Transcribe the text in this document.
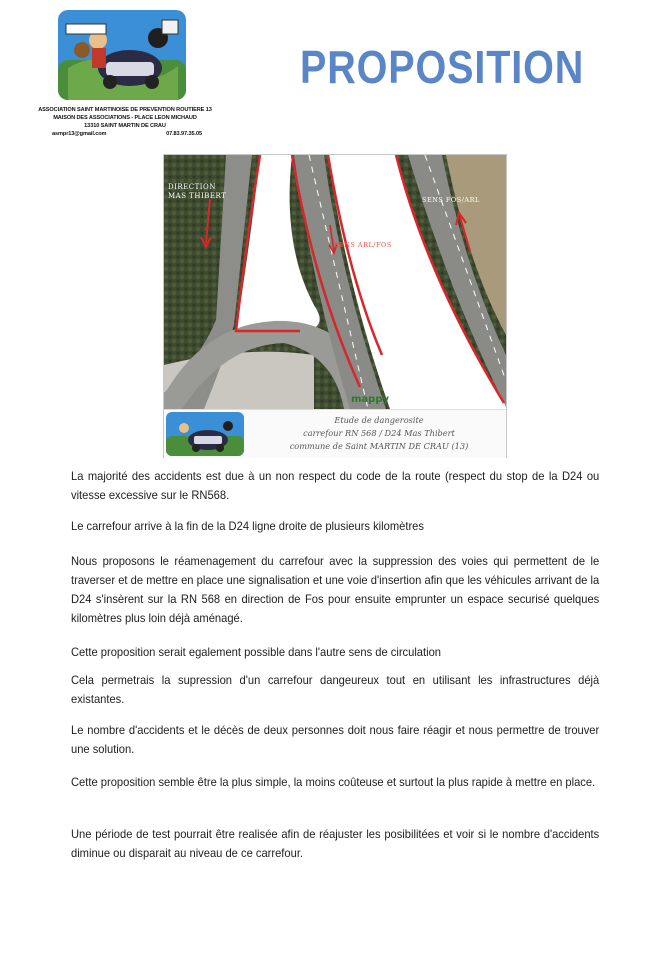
ASSOCIATION SAINT MARTINOISE DE PREVENTION ROUTIERE 13
MAISON DES ASSOCIATIONS - PLACE LEON MICHAUD
13310 SAINT MARTIN DE CRAU
asmpr13@gmail.com	07.83.97.35.05
PROPOSITION
DIRECTION
MAS THIBERT
SENS ARL/FOS
SENS FOS/ARL
mappy
Etude de dangerosite
carrefour RN 568 / D24 Mas Thibert
commune de Saint MARTIN DE CRAU (13)

La majorité des accidents est due à un non respect du code de la route (respect du stop de la D24 ou vitesse excessive sur le RN568.

Le carrefour arrive à la fin de la D24 ligne droite de plusieurs kilomètres

Nous proposons le réamenagement du carrefour avec la suppression des voies qui permettent de le traverser et de mettre en place une signalisation et une voie d'insertion afin que les véhicules arrivant de la D24 s'insèrent sur la RN 568 en direction de Fos pour ensuite emprunter un espace securisé quelques kilomètres plus loin déjà aménagé.

Cette proposition serait egalement possible dans l'autre sens de circulation

Cela permetrais la supression d'un carrefour dangeureux tout en utilisant les infrastructures déjà existantes.

Le nombre d'accidents et le décès de deux personnes doit nous faire réagir et nous permettre de trouver une solution.

Cette proposition semble être la plus simple, la moins coûteuse et surtout la plus rapide à mettre en place.

Une période de test pourrait être realisée afin de réajuster les posibilitées et voir si le nombre d'accidents diminue ou disparait au niveau de ce carrefour.
